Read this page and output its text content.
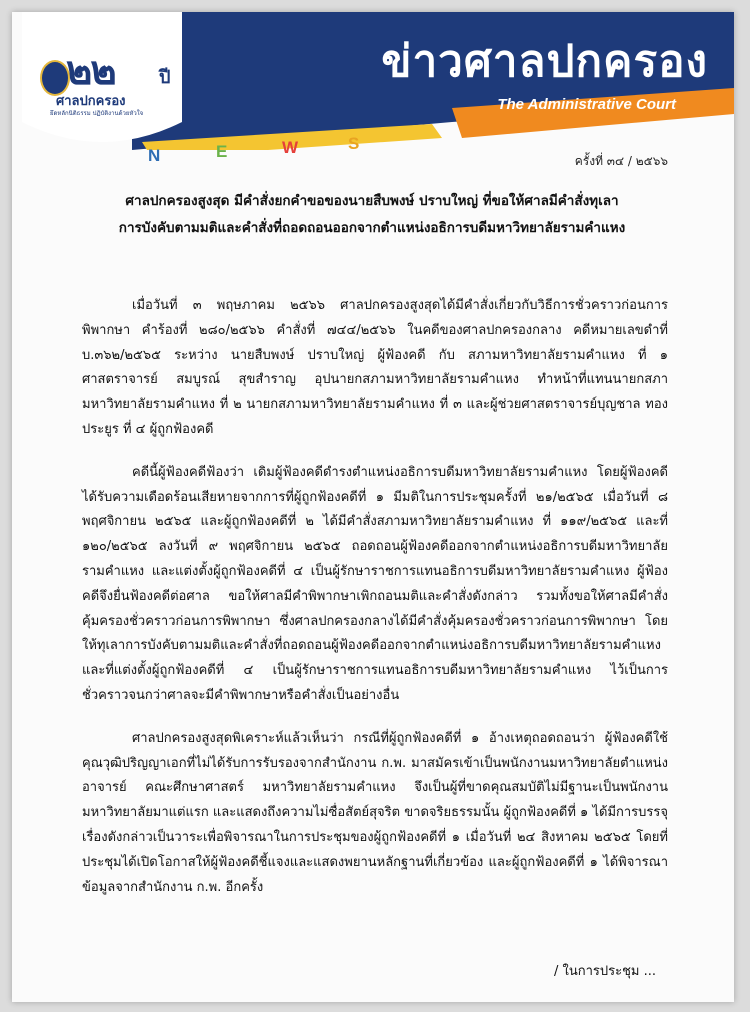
๒๒ ปี
ศาลปกครอง
ยึดหลักนิติธรรม ปฏิบัติงานด้วยหัวใจ
ข่าวศาลปกครอง
The Administrative Court
N	E	W	S
ครั้งที่ ๓๔ / ๒๕๖๖
ศาลปกครองสูงสุด มีคำสั่งยกคำขอของนายสืบพงษ์ ปราบใหญ่ ที่ขอให้ศาลมีคำสั่งทุเลา
การบังคับตามมติและคำสั่งที่ถอดถอนออกจากตำแหน่งอธิการบดีมหาวิทยาลัยรามคำแหง

เมื่อวันที่ ๓ พฤษภาคม ๒๕๖๖ ศาลปกครองสูงสุดได้มีคำสั่งเกี่ยวกับวิธีการชั่วคราวก่อนการพิพากษา คำร้องที่ ๒๘๐/๒๕๖๖ คำสั่งที่ ๗๔๔/๒๕๖๖ ในคดีของศาลปกครองกลาง คดีหมายเลขดำที่ บ.๓๖๒/๒๕๖๕ ระหว่าง นายสืบพงษ์ ปราบใหญ่ ผู้ฟ้องคดี กับ สภามหาวิทยาลัยรามคำแหง ที่ ๑ ศาสตราจารย์ สมบูรณ์ สุขสำราญ อุปนายกสภามหาวิทยาลัยรามคำแหง ทำหน้าที่แทนนายกสภามหาวิทยาลัยรามคำแหง ที่ ๒ นายกสภามหาวิทยาลัยรามคำแหง ที่ ๓ และผู้ช่วยศาสตราจารย์บุญชาล ทองประยูร ที่ ๔ ผู้ถูกฟ้องคดี

คดีนี้ผู้ฟ้องคดีฟ้องว่า เดิมผู้ฟ้องคดีดำรงตำแหน่งอธิการบดีมหาวิทยาลัยรามคำแหง โดยผู้ฟ้องคดีได้รับความเดือดร้อนเสียหายจากการที่ผู้ถูกฟ้องคดีที่ ๑ มีมติในการประชุมครั้งที่ ๒๑/๒๕๖๕ เมื่อวันที่ ๘ พฤศจิกายน ๒๕๖๕ และผู้ถูกฟ้องคดีที่ ๒ ได้มีคำสั่งสภามหาวิทยาลัยรามคำแหง ที่ ๑๑๙/๒๕๖๕ และที่ ๑๒๐/๒๕๖๕ ลงวันที่ ๙ พฤศจิกายน ๒๕๖๕ ถอดถอนผู้ฟ้องคดีออกจากตำแหน่งอธิการบดีมหาวิทยาลัยรามคำแหง และแต่งตั้งผู้ถูกฟ้องคดีที่ ๔ เป็นผู้รักษาราชการแทนอธิการบดีมหาวิทยาลัยรามคำแหง ผู้ฟ้องคดีจึงยื่นฟ้องคดีต่อศาล ขอให้ศาลมีคำพิพากษาเพิกถอนมติและคำสั่งดังกล่าว รวมทั้งขอให้ศาลมีคำสั่งคุ้มครองชั่วคราวก่อนการพิพากษา ซึ่งศาลปกครองกลางได้มีคำสั่งคุ้มครองชั่วคราวก่อนการพิพากษา โดยให้ทุเลาการบังคับตามมติและคำสั่งที่ถอดถอนผู้ฟ้องคดีออกจากตำแหน่งอธิการบดีมหาวิทยาลัยรามคำแหง และที่แต่งตั้งผู้ถูกฟ้องคดีที่ ๔ เป็นผู้รักษาราชการแทนอธิการบดีมหาวิทยาลัยรามคำแหง ไว้เป็นการชั่วคราวจนกว่าศาลจะมีคำพิพากษาหรือคำสั่งเป็นอย่างอื่น

ศาลปกครองสูงสุดพิเคราะห์แล้วเห็นว่า กรณีที่ผู้ถูกฟ้องคดีที่ ๑ อ้างเหตุถอดถอนว่า ผู้ฟ้องคดีใช้คุณวุฒิปริญญาเอกที่ไม่ได้รับการรับรองจากสำนักงาน ก.พ. มาสมัครเข้าเป็นพนักงานมหาวิทยาลัยตำแหน่งอาจารย์ คณะศึกษาศาสตร์ มหาวิทยาลัยรามคำแหง จึงเป็นผู้ที่ขาดคุณสมบัติไม่มีฐานะเป็นพนักงานมหาวิทยาลัยมาแต่แรก และแสดงถึงความไม่ซื่อสัตย์สุจริต ขาดจริยธรรมนั้น ผู้ถูกฟ้องคดีที่ ๑ ได้มีการบรรจุเรื่องดังกล่าวเป็นวาระเพื่อพิจารณาในการประชุมของผู้ถูกฟ้องคดีที่ ๑ เมื่อวันที่ ๒๔ สิงหาคม ๒๕๖๕ โดยที่ประชุมได้เปิดโอกาสให้ผู้ฟ้องคดีชี้แจงและแสดงพยานหลักฐานที่เกี่ยวข้อง และผู้ถูกฟ้องคดีที่ ๑ ได้พิจารณาข้อมูลจากสำนักงาน ก.พ. อีกครั้ง

/ ในการประชุม ...
